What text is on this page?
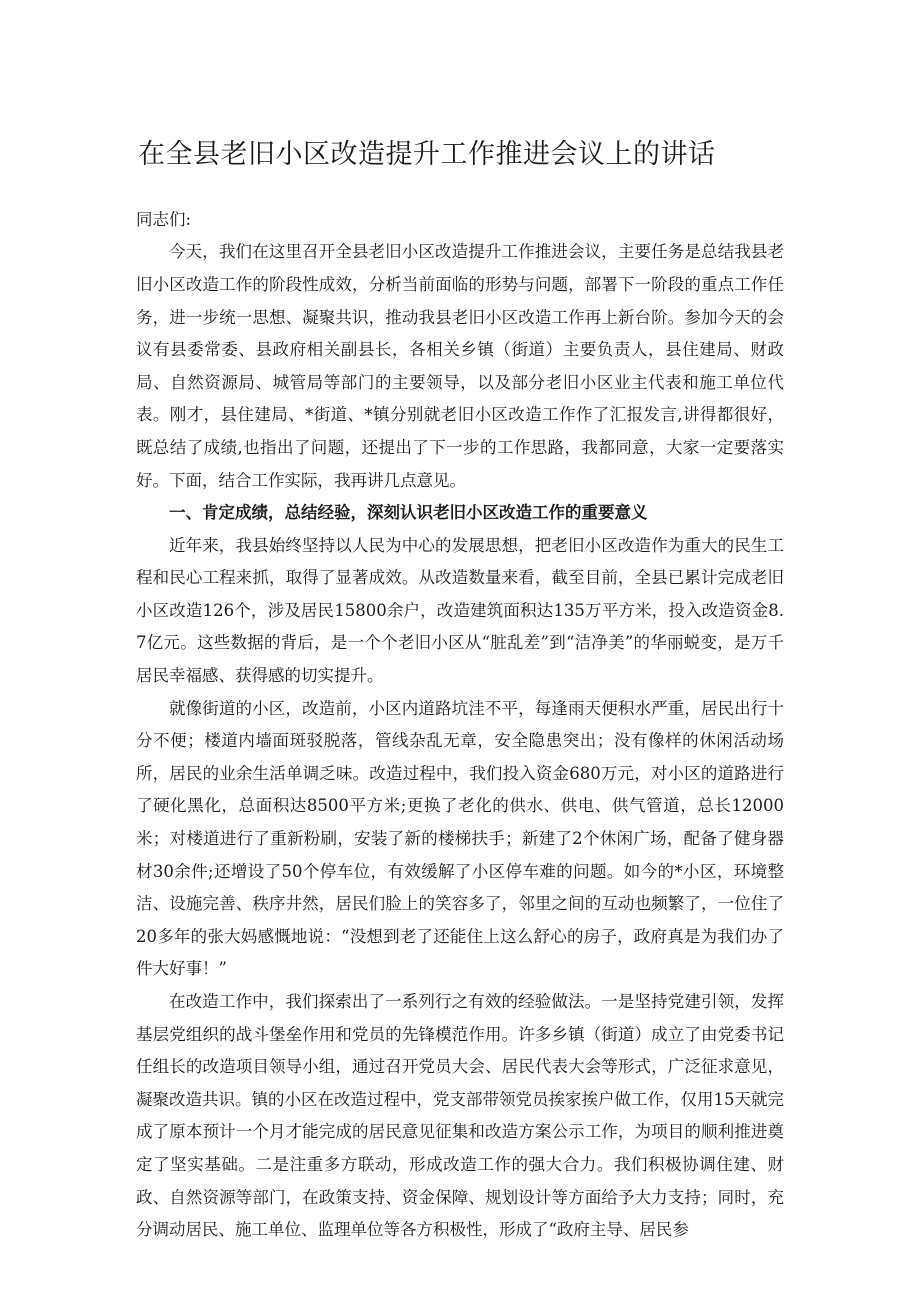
在全县老旧小区改造提升工作推进会议上的讲话

同志们:

今天，我们在这里召开全县老旧小区改造提升工作推进会议，主要任务是总结我县老旧小区改造工作的阶段性成效，分析当前面临的形势与问题，部署下一阶段的重点工作任务，进一步统一思想、凝聚共识，推动我县老旧小区改造工作再上新台阶。参加今天的会议有县委常委、县政府相关副县长，各相关乡镇（街道）主要负责人，县住建局、财政局、自然资源局、城管局等部门的主要领导，以及部分老旧小区业主代表和施工单位代表。刚才，县住建局、*街道、*镇分别就老旧小区改造工作作了汇报发言,讲得都很好，既总结了成绩,也指出了问题，还提出了下一步的工作思路，我都同意，大家一定要落实好。下面，结合工作实际，我再讲几点意见。

一、肯定成绩，总结经验，深刻认识老旧小区改造工作的重要意义

近年来，我县始终坚持以人民为中心的发展思想，把老旧小区改造作为重大的民生工程和民心工程来抓，取得了显著成效。从改造数量来看，截至目前，全县已累计完成老旧小区改造126个，涉及居民15800余户，改造建筑面积达135万平方米，投入改造资金8.7亿元。这些数据的背后，是一个个老旧小区从“脏乱差”到“洁净美”的华丽蜕变，是万千居民幸福感、获得感的切实提升。

就像街道的小区，改造前，小区内道路坑洼不平，每逢雨天便积水严重，居民出行十分不便；楼道内墙面斑驳脱落，管线杂乱无章，安全隐患突出；没有像样的休闲活动场所，居民的业余生活单调乏味。改造过程中，我们投入资金680万元，对小区的道路进行了硬化黑化，总面积达8500平方米;更换了老化的供水、供电、供气管道，总长12000米；对楼道进行了重新粉刷，安装了新的楼梯扶手；新建了2个休闲广场，配备了健身器材30余件;还增设了50个停车位，有效缓解了小区停车难的问题。如今的*小区，环境整洁、设施完善、秩序井然，居民们脸上的笑容多了，邻里之间的互动也频繁了，一位住了20多年的张大妈感慨地说：“没想到老了还能住上这么舒心的房子，政府真是为我们办了件大好事！”

在改造工作中，我们探索出了一系列行之有效的经验做法。一是坚持党建引领，发挥基层党组织的战斗堡垒作用和党员的先锋模范作用。许多乡镇（街道）成立了由党委书记任组长的改造项目领导小组，通过召开党员大会、居民代表大会等形式，广泛征求意见，凝聚改造共识。镇的小区在改造过程中，党支部带领党员挨家挨户做工作，仅用15天就完成了原本预计一个月才能完成的居民意见征集和改造方案公示工作，为项目的顺利推进奠定了坚实基础。二是注重多方联动，形成改造工作的强大合力。我们积极协调住建、财政、自然资源等部门，在政策支持、资金保障、规划设计等方面给予大力支持；同时，充分调动居民、施工单位、监理单位等各方积极性，形成了“政府主导、居民参
